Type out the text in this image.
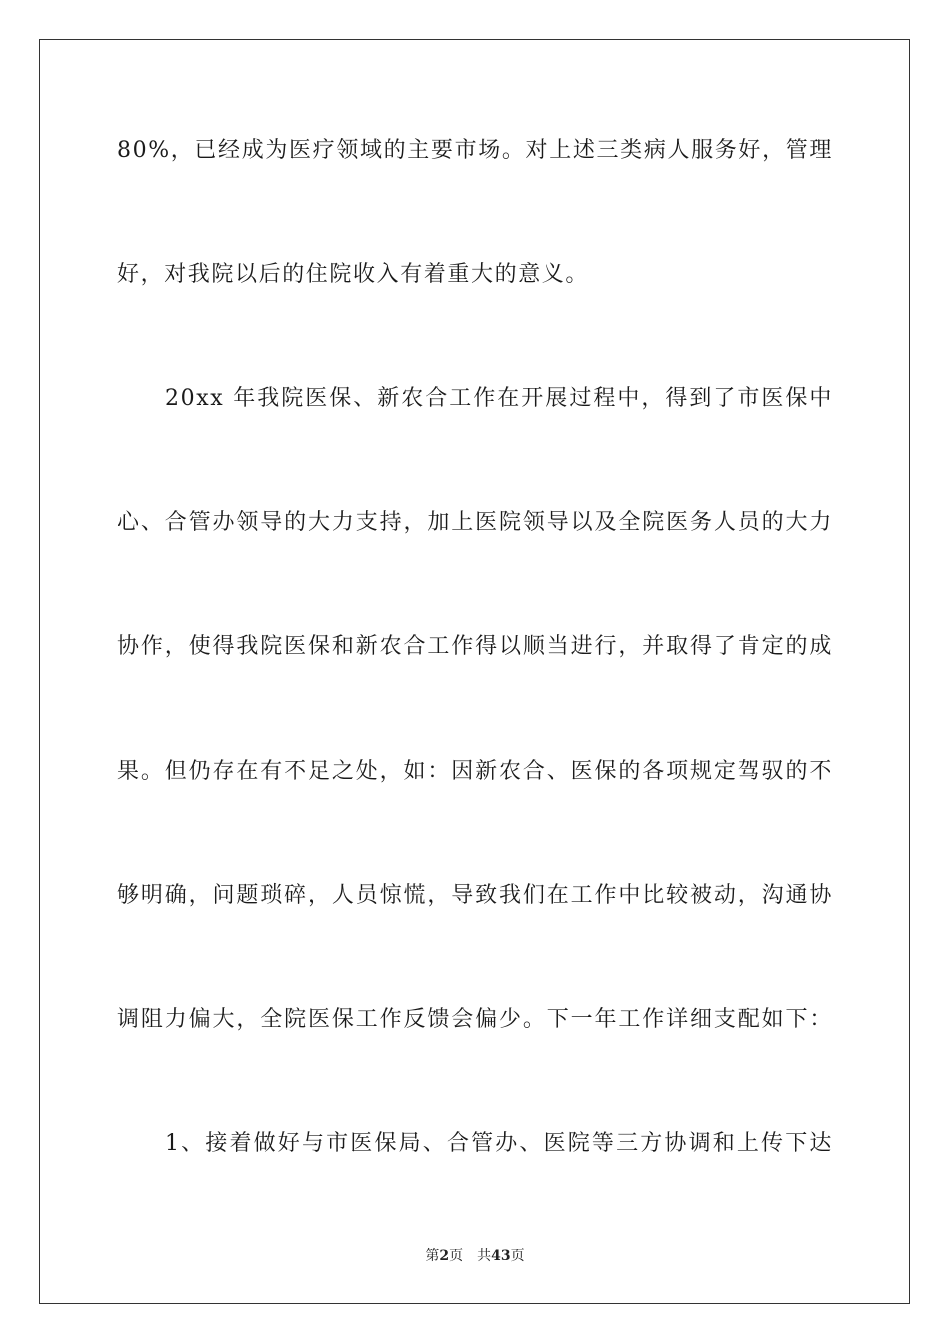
80%，已经成为医疗领域的主要市场。对上述三类病人服务好，管理
好，对我院以后的住院收入有着重大的意义。
20xx 年我院医保、新农合工作在开展过程中，得到了市医保中
心、合管办领导的大力支持，加上医院领导以及全院医务人员的大力
协作，使得我院医保和新农合工作得以顺当进行，并取得了肯定的成
果。但仍存在有不足之处，如：因新农合、医保的各项规定驾驭的不
够明确，问题琐碎，人员惊慌，导致我们在工作中比较被动，沟通协
调阻力偏大，全院医保工作反馈会偏少。下一年工作详细支配如下：
1、接着做好与市医保局、合管办、医院等三方协调和上传下达
第2页 共43页
